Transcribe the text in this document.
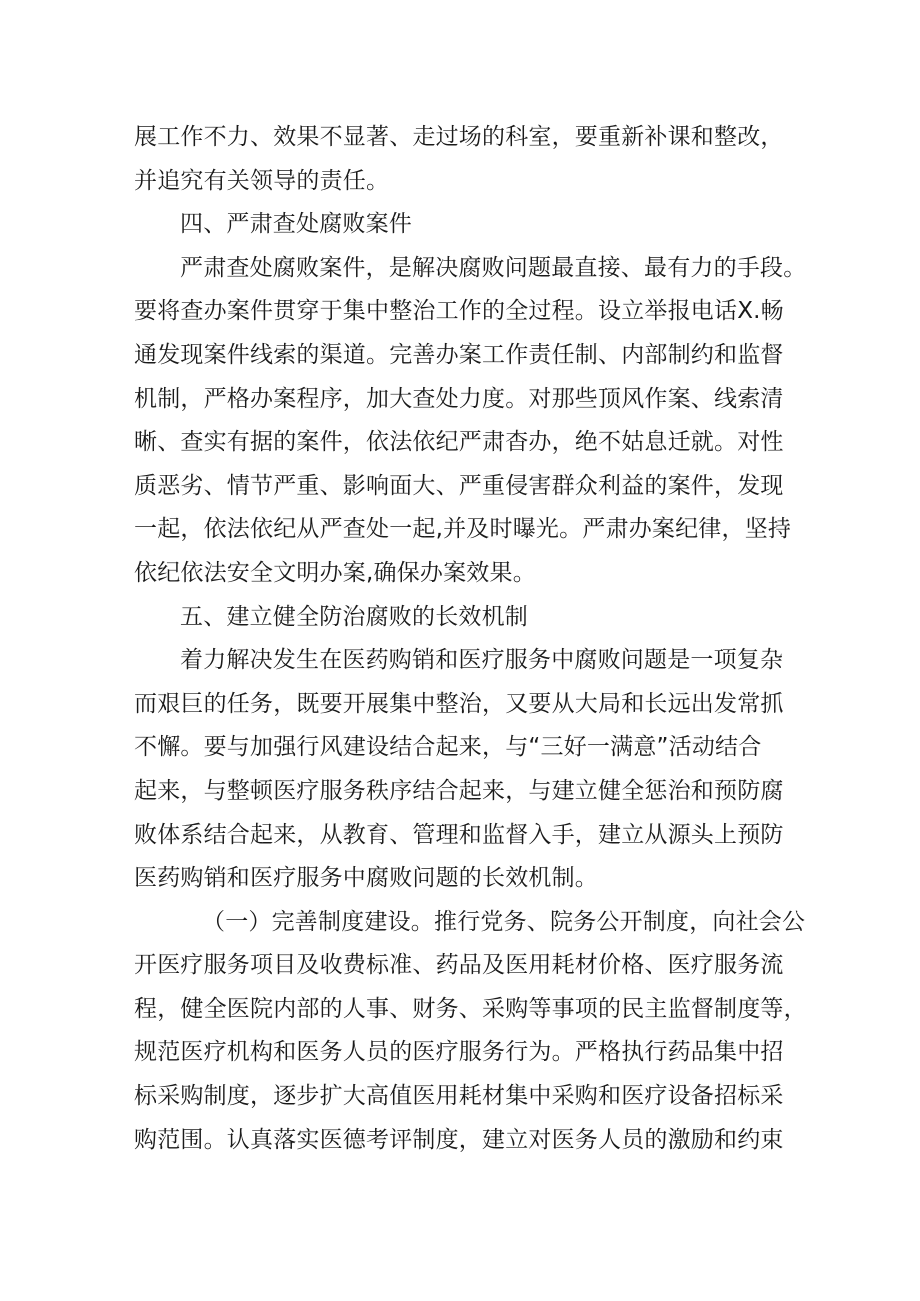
展工作不力、效果不显著、走过场的科室，要重新补课和整改，
并追究有关领导的责任。
四、严肃查处腐败案件
严肃查处腐败案件，是解决腐败问题最直接、最有力的手段。
要将查办案件贯穿于集中整治工作的全过程。设立举报电话X.畅
通发现案件线索的渠道。完善办案工作责任制、内部制约和监督
机制，严格办案程序，加大查处力度。对那些顶风作案、线索清
晰、查实有据的案件，依法依纪严肃杳办，绝不姑息迁就。对性
质恶劣、情节严重、影响面大、严重侵害群众利益的案件，发现
一起，依法依纪从严查处一起,并及时曝光。严肃办案纪律，坚持
依纪依法安全文明办案,确保办案效果。
五、建立健全防治腐败的长效机制
着力解决发生在医药购销和医疗服务中腐败问题是一项复杂
而艰巨的任务，既要开展集中整治，又要从大局和长远出发常抓
不懈。要与加强行风建设结合起来，与“三好一满意”活动结合
起来，与整顿医疗服务秩序结合起来，与建立健全惩治和预防腐
败体系结合起来，从教育、管理和监督入手，建立从源头上预防
医药购销和医疗服务中腐败问题的长效机制。
（一）完善制度建设。推行党务、院务公开制度，向社会公
开医疗服务项目及收费标准、药品及医用耗材价格、医疗服务流
程，健全医院内部的人事、财务、采购等事项的民主监督制度等，
规范医疗机构和医务人员的医疗服务行为。严格执行药品集中招
标采购制度，逐步扩大高值医用耗材集中采购和医疗设备招标采
购范围。认真落实医德考评制度，建立对医务人员的激励和约束
